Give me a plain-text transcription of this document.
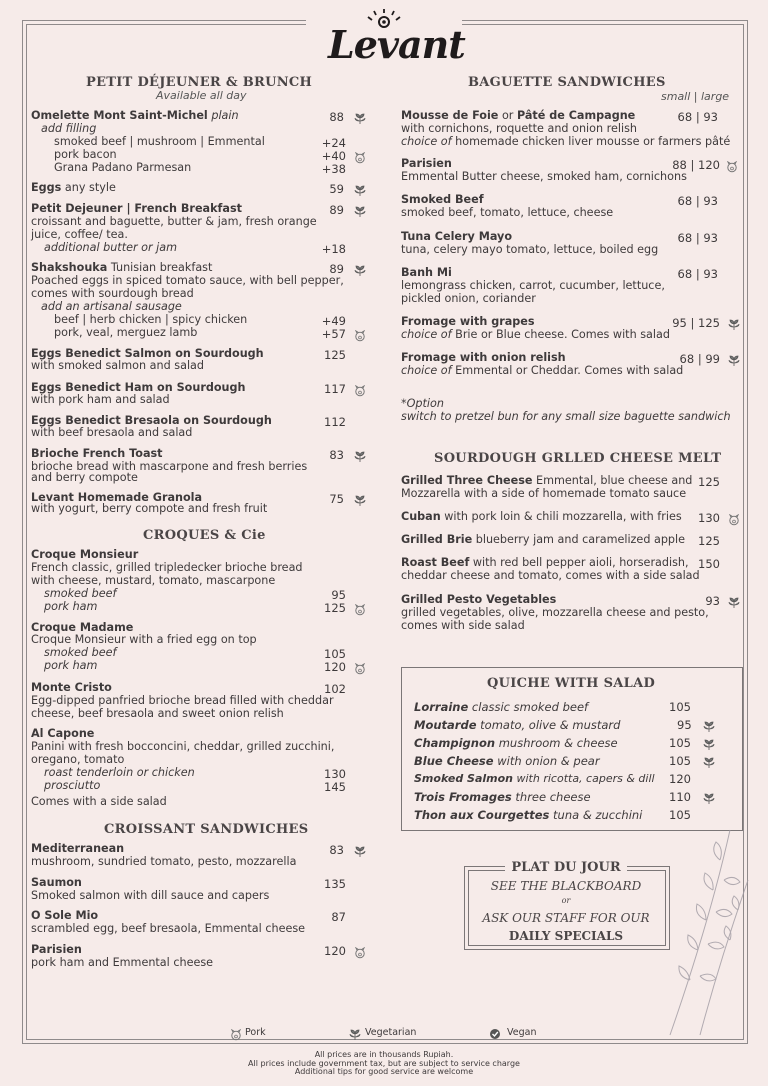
Levant
PETIT DÉJEUNER & BRUNCH
Available all day
Omelette Mont Saint-Michel plain	88
add filling
smoked beef | mushroom | Emmental	+24
pork bacon	+40
Grana Padano Parmesan	+38
Eggs any style	59
Petit Dejeuner | French Breakfast	89
croissant and baguette, butter & jam, fresh orange
juice, coffee/ tea.
additional butter or jam	+18
Shakshouka Tunisian breakfast	89
Poached eggs in spiced tomato sauce, with bell pepper,
comes with sourdough bread
add an artisanal sausage
beef | herb chicken | spicy chicken	+49
pork, veal, merguez lamb	+57
Eggs Benedict Salmon on Sourdough	125
with smoked salmon and salad
Eggs Benedict Ham on Sourdough	117
with pork ham and salad
Eggs Benedict Bresaola on Sourdough	112
with beef bresaola and salad
Brioche French Toast	83
brioche bread with mascarpone and fresh berries
and berry compote
Levant Homemade Granola	75
with yogurt, berry compote and fresh fruit
CROQUES & Cie
Croque Monsieur
French classic, grilled tripledecker brioche bread
with cheese, mustard, tomato, mascarpone
smoked beef	95
pork ham	125
Croque Madame
Croque Monsieur with a fried egg on top
smoked beef	105
pork ham	120
Monte Cristo	102
Egg-dipped panfried brioche bread filled with cheddar
cheese, beef bresaola and sweet onion relish
Al Capone
Panini with fresh bocconcini, cheddar, grilled zucchini,
oregano, tomato
roast tenderloin or chicken	130
prosciutto	145
Comes with a side salad
CROISSANT SANDWICHES
Mediterranean	83
mushroom, sundried tomato, pesto, mozzarella
Saumon	135
Smoked salmon with dill sauce and capers
O Sole Mio	87
scrambled egg, beef bresaola, Emmental cheese
Parisien	120
pork ham and Emmental cheese
BAGUETTE SANDWICHES
small | large
Mousse de Foie or Pâté de Campagne	68 | 93
with cornichons, roquette and onion relish
choice of homemade chicken liver mousse or farmers pâté
Parisien	88 | 120
Emmental Butter cheese, smoked ham, cornichons
Smoked Beef	68 | 93
smoked beef, tomato, lettuce, cheese
Tuna Celery Mayo	68 | 93
tuna, celery mayo tomato, lettuce, boiled egg
Banh Mi	68 | 93
lemongrass chicken, carrot, cucumber, lettuce,
pickled onion, coriander
Fromage with grapes	95 | 125
choice of Brie or Blue cheese. Comes with salad
Fromage with onion relish	68 | 99
choice of Emmental or Cheddar. Comes with salad
*Option
switch to pretzel bun for any small size baguette sandwich
SOURDOUGH GRLLED CHEESE MELT
Grilled Three Cheese Emmental, blue cheese and 125
Mozzarella with a side of homemade tomato sauce
Cuban with pork loin & chili mozzarella, with fries	130
Grilled Brie blueberry jam and caramelized apple	125
Roast Beef with red bell pepper aioli, horseradish, 150
cheddar cheese and tomato, comes with a side salad
Grilled Pesto Vegetables	93
grilled vegetables, olive, mozzarella cheese and pesto,
comes with side salad
QUICHE WITH SALAD
Lorraine classic smoked beef	105
Moutarde tomato, olive & mustard	95
Champignon mushroom & cheese	105
Blue Cheese with onion & pear	105
Smoked Salmon with ricotta, capers & dill 120
Trois Fromages three cheese	110
Thon aux Courgettes tuna & zucchini 105
PLAT DU JOUR
SEE THE BLACKBOARD
or
ASK OUR STAFF FOR OUR
DAILY SPECIALS
Pork	Vegetarian	Vegan
All prices are in thousands Rupiah.
All prices include government tax, but are subject to service charge
Additional tips for good service are welcome
